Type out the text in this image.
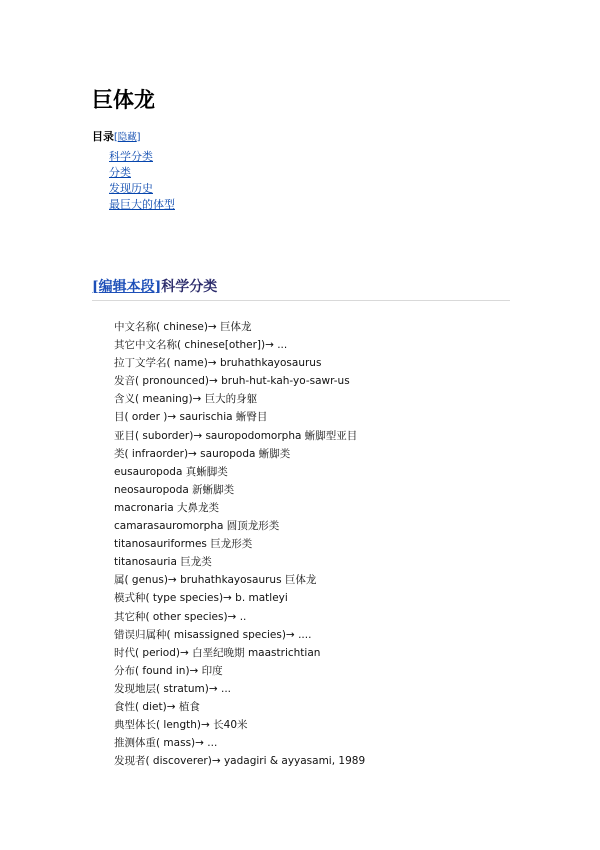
巨体龙
目录[隐藏]
科学分类
分类
发现历史
最巨大的体型
[编辑本段]科学分类
中文名称( chinese)→ 巨体龙
其它中文名称( chinese[other])→ ...
拉丁文学名( name)→ bruhathkayosaurus
发音( pronounced)→ bruh-hut-kah-yo-sawr-us
含义( meaning)→ 巨大的身躯
目( order )→ saurischia 蜥臀目
亚目( suborder)→ sauropodomorpha 蜥脚型亚目
类( infraorder)→ sauropoda 蜥脚类
eusauropoda 真蜥脚类
neosauropoda 新蜥脚类
macronaria 大鼻龙类
camarasauromorpha 圆顶龙形类
titanosauriformes 巨龙形类
titanosauria 巨龙类
属( genus)→ bruhathkayosaurus 巨体龙
模式种( type species)→ b. matleyi
其它种( other species)→ ..
错误归属种( misassigned species)→ ....
时代( period)→ 白垩纪晚期 maastrichtian
分布( found in)→ 印度
发现地层( stratum)→ ...
食性( diet)→ 植食
典型体长( length)→ 长40米
推测体重( mass)→ ...
发现者( discoverer)→ yadagiri & ayyasami, 1989
